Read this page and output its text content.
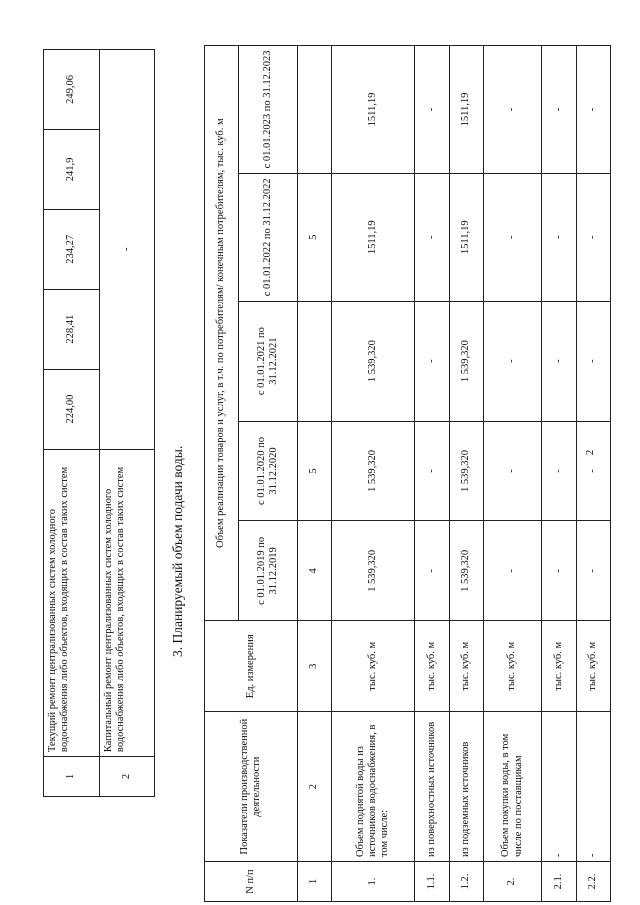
2
1	Текущий ремонт централизованных систем холодного водоснабжения либо объектов, входящих в состав таких систем	224,00	228,41	234,27	241,9	249,06
2	Капитальный ремонт централизованных систем холодного водоснабжения либо объектов, входящих в состав таких систем	-				
3. Планируемый объем подачи воды.
N п/п	Показатели производственной деятельности	Ед. измерения	Объем реализации товаров и услуг, в т.ч. по потребителям/ конечным потребителям, тыс. куб. м				
			с 01.01.2019 по 31.12.2019	с 01.01.2020 по 31.12.2020	с 01.01.2021 по 31.12.2021	с 01.01.2022 по 31.12.2022	с 01.01.2023 по 31.12.2023
1	2	3	4	5		5	
1.	Объем поднятой воды из источников водоснабжения, в том числе:	тыс. куб. м	1 539,320	1 539,320	1 539,320	1511,19	1511,19
1.1.	из поверхностных источников	тыс. куб. м	-	-	-	-	-
1.2.	из подземных источников	тыс. куб. м	1 539,320	1 539,320	1 539,320	1511,19	1511,19
2.	Объем покупки воды, в том числе по поставщикам	тыс. куб. м	-	-	-	-	-
2.1.	-	тыс. куб. м	-	-	-	-	-
2.2.	-	тыс. куб. м	-	-	-	-	-
